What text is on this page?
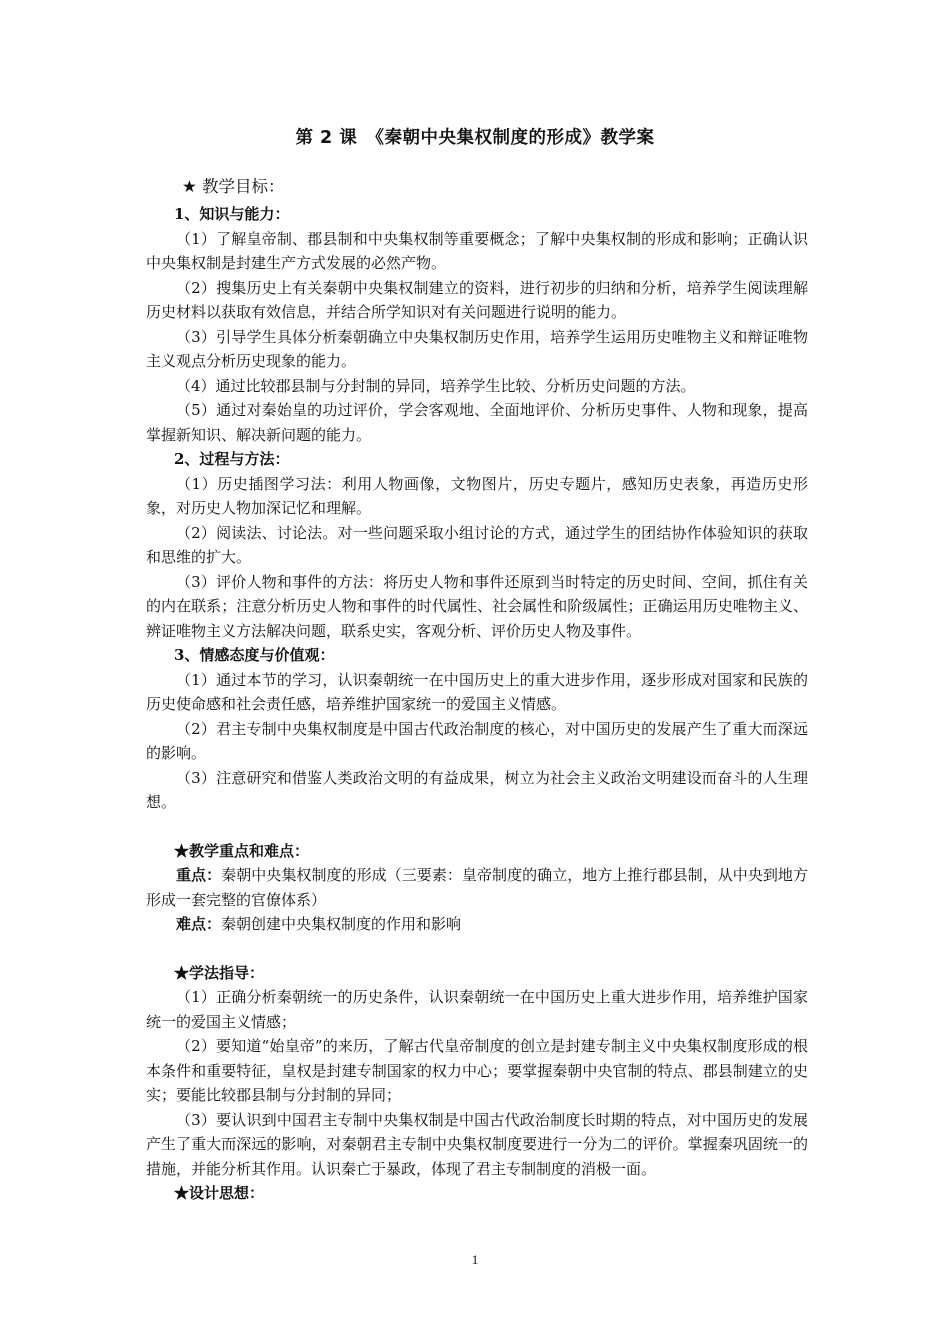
第 2 课　《秦朝中央集权制度的形成》教学案
★ 教学目标：
1、知识与能力：

（1）了解皇帝制、郡县制和中央集权制等重要概念；了解中央集权制的形成和影响；正确认识中央集权制是封建生产方式发展的必然产物。

（2）搜集历史上有关秦朝中央集权制建立的资料，进行初步的归纳和分析，培养学生阅读理解历史材料以获取有效信息，并结合所学知识对有关问题进行说明的能力。

（3）引导学生具体分析秦朝确立中央集权制历史作用，培养学生运用历史唯物主义和辩证唯物主义观点分析历史现象的能力。

（4）通过比较郡县制与分封制的异同，培养学生比较、分析历史问题的方法。

（5）通过对秦始皇的功过评价，学会客观地、全面地评价、分析历史事件、人物和现象，提高掌握新知识、解决新问题的能力。

2、过程与方法：

（1）历史插图学习法：利用人物画像，文物图片，历史专题片，感知历史表象，再造历史形象，对历史人物加深记忆和理解。

（2）阅读法、讨论法。对一些问题采取小组讨论的方式，通过学生的团结协作体验知识的获取和思维的扩大。

（3）评价人物和事件的方法：将历史人物和事件还原到当时特定的历史时间、空间，抓住有关的内在联系；注意分析历史人物和事件的时代属性、社会属性和阶级属性；正确运用历史唯物主义、辨证唯物主义方法解决问题，联系史实，客观分析、评价历史人物及事件。

3、情感态度与价值观：

（1）通过本节的学习，认识秦朝统一在中国历史上的重大进步作用，逐步形成对国家和民族的历史使命感和社会责任感，培养维护国家统一的爱国主义情感。

（2）君主专制中央集权制度是中国古代政治制度的核心，对中国历史的发展产生了重大而深远的影响。

（3）注意研究和借鉴人类政治文明的有益成果，树立为社会主义政治文明建设而奋斗的人生理想。

★教学重点和难点：

重点：秦朝中央集权制度的形成（三要素：皇帝制度的确立，地方上推行郡县制，从中央到地方形成一套完整的官僚体系）

难点：秦朝创建中央集权制度的作用和影响

★学法指导：

（1）正确分析秦朝统一的历史条件，认识秦朝统一在中国历史上重大进步作用，培养维护国家统一的爱国主义情感；

（2）要知道“始皇帝”的来历，了解古代皇帝制度的创立是封建专制主义中央集权制度形成的根本条件和重要特征，皇权是封建专制国家的权力中心；要掌握秦朝中央官制的特点、郡县制建立的史实；要能比较郡县制与分封制的异同；

（3）要认识到中国君主专制中央集权制是中国古代政治制度长时期的特点，对中国历史的发展产生了重大而深远的影响，对秦朝君主专制中央集权制度要进行一分为二的评价。掌握秦巩固统一的措施，并能分析其作用。认识秦亡于暴政，体现了君主专制制度的消极一面。

★设计思想：
1
